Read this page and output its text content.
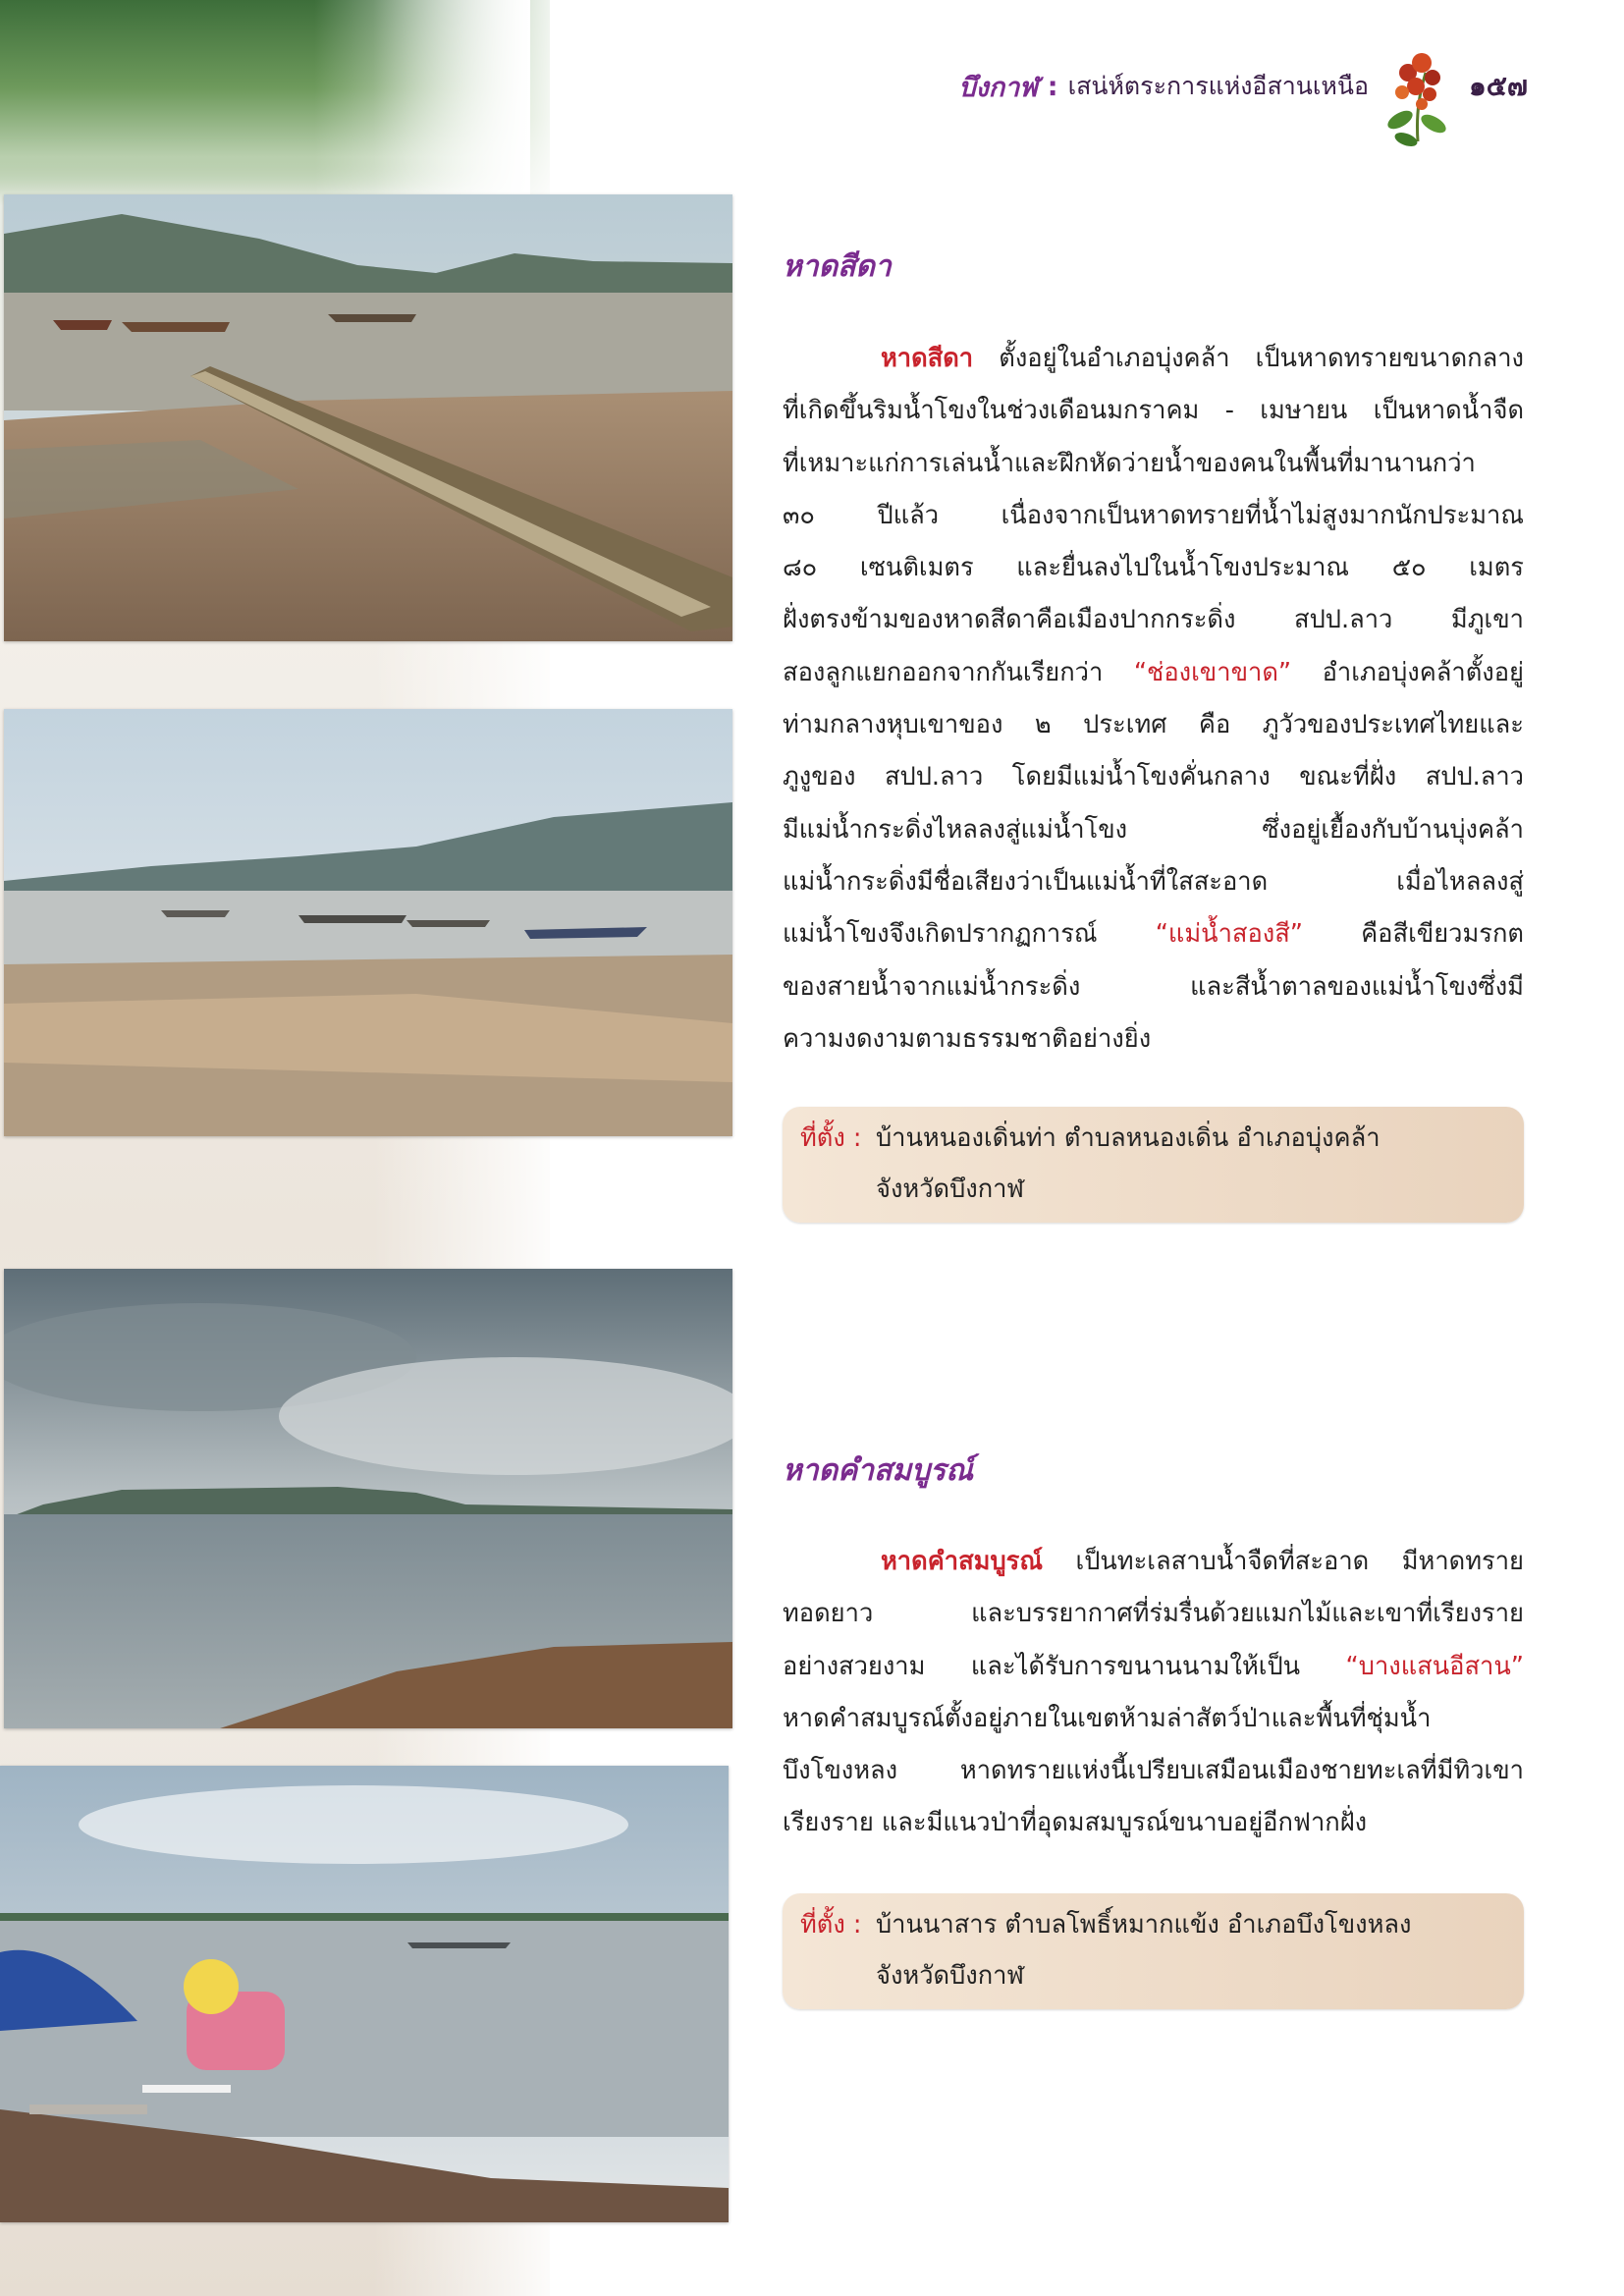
บึงกาฬ : เสน่ห์ตระการแห่งอีสานเหนือ	๑๕๗
หาดสีดา
หาดสีดา ตั้งอยู่ในอำเภอบุ่งคล้า เป็นหาดทรายขนาดกลาง
ที่เกิดขึ้นริมน้ำโขงในช่วงเดือนมกราคม - เมษายน เป็นหาดน้ำจืด
ที่เหมาะแก่การเล่นน้ำและฝึกหัดว่ายน้ำของคนในพื้นที่มานานกว่า
๓๐ ปีแล้ว เนื่องจากเป็นหาดทรายที่น้ำไม่สูงมากนักประมาณ
๘๐ เซนติเมตร และยื่นลงไปในน้ำโขงประมาณ ๕๐ เมตร
ฝั่งตรงข้ามของหาดสีดาคือเมืองปากกระดิ่ง สปป.ลาว มีภูเขา
สองลูกแยกออกจากกันเรียกว่า “ช่องเขาขาด” อำเภอบุ่งคล้าตั้งอยู่
ท่ามกลางหุบเขาของ ๒ ประเทศ คือ ภูวัวของประเทศไทยและ
ภูงูของ สปป.ลาว โดยมีแม่น้ำโขงคั่นกลาง ขณะที่ฝั่ง สปป.ลาว
มีแม่น้ำกระดิ่งไหลลงสู่แม่น้ำโขง ซึ่งอยู่เยื้องกับบ้านบุ่งคล้า
แม่น้ำกระดิ่งมีชื่อเสียงว่าเป็นแม่น้ำที่ใสสะอาด เมื่อไหลลงสู่
แม่น้ำโขงจึงเกิดปรากฏการณ์ “แม่น้ำสองสี” คือสีเขียวมรกต
ของสายน้ำจากแม่น้ำกระดิ่ง และสีน้ำตาลของแม่น้ำโขงซึ่งมี
ความงดงามตามธรรมชาติอย่างยิ่ง
ที่ตั้ง : บ้านหนองเดิ่นท่า ตำบลหนองเดิ่น อำเภอบุ่งคล้า
จังหวัดบึงกาฬ
หาดคำสมบูรณ์
หาดคำสมบูรณ์ เป็นทะเลสาบน้ำจืดที่สะอาด มีหาดทราย
ทอดยาว และบรรยากาศที่ร่มรื่นด้วยแมกไม้และเขาที่เรียงราย
อย่างสวยงาม และได้รับการขนานนามให้เป็น “บางแสนอีสาน”
หาดคำสมบูรณ์ตั้งอยู่ภายในเขตห้ามล่าสัตว์ป่าและพื้นที่ชุ่มน้ำ
บึงโขงหลง หาดทรายแห่งนี้เปรียบเสมือนเมืองชายทะเลที่มีทิวเขา
เรียงราย และมีแนวป่าที่อุดมสมบูรณ์ขนาบอยู่อีกฟากฝั่ง
ที่ตั้ง : บ้านนาสาร ตำบลโพธิ์หมากแข้ง อำเภอบึงโขงหลง
จังหวัดบึงกาฬ
